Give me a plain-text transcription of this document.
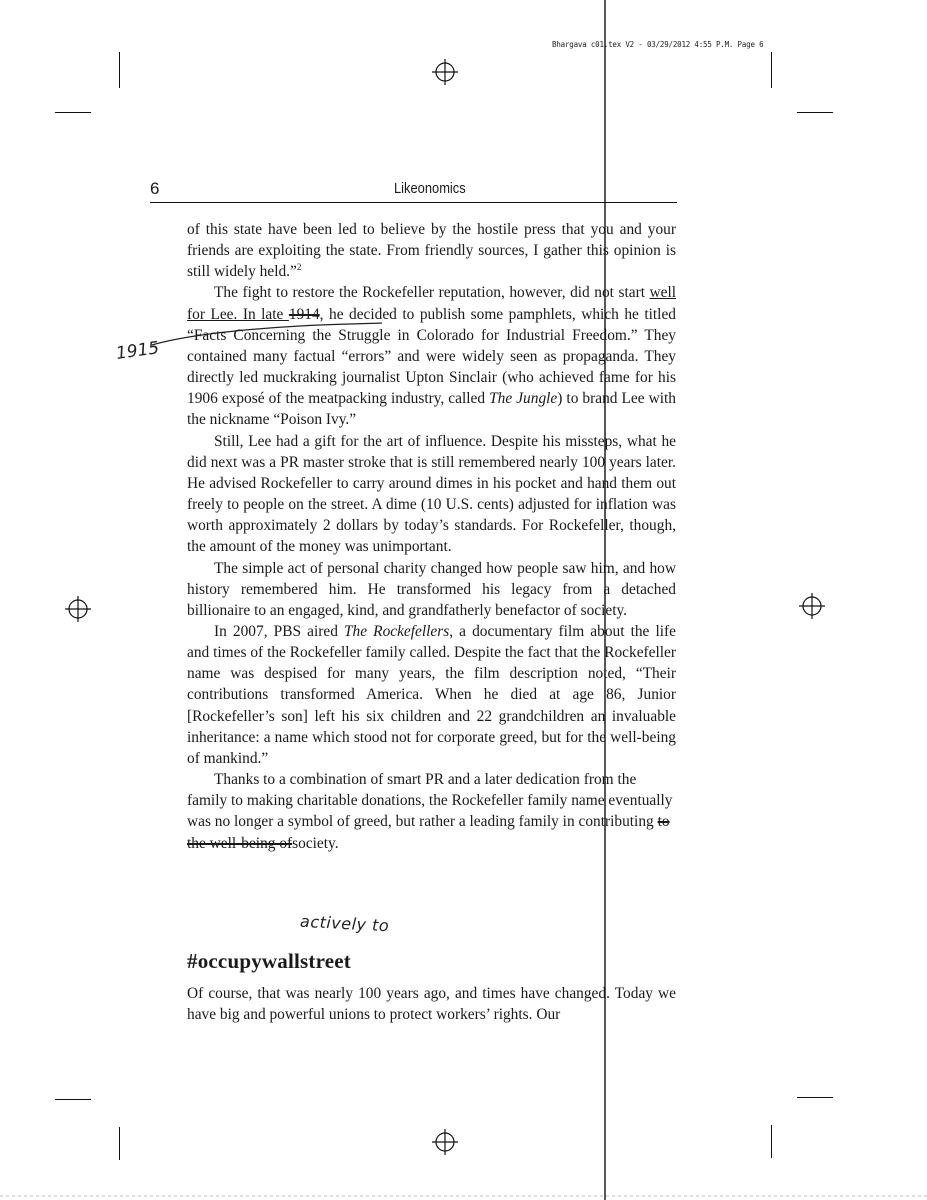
Bhargava c01.tex V2 - 03/29/2012 4:55 P.M. Page 6
6	Likeonomics

of this state have been led to believe by the hostile press that you and your friends are exploiting the state. From friendly sources, I gather this opinion is still widely held.”$^2$

The fight to restore the Rockefeller reputation, however, did not start well for Lee. In late 1914, he decided to publish some pamphlets, which he titled “Facts Concerning the Struggle in Colorado for Industrial Freedom.” They contained many factual “errors” and were widely seen as propaganda. They directly led muckraking journalist Upton Sinclair (who achieved fame for his 1906 exposé of the meatpacking industry, called The Jungle) to brand Lee with the nickname “Poison Ivy.”

Still, Lee had a gift for the art of influence. Despite his missteps, what he did next was a PR master stroke that is still remembered nearly 100 years later. He advised Rockefeller to carry around dimes in his pocket and hand them out freely to people on the street. A dime (10 U.S. cents) adjusted for inflation was worth approximately 2 dollars by today’s standards. For Rockefeller, though, the amount of the money was unimportant.

The simple act of personal charity changed how people saw him, and how history remembered him. He transformed his legacy from a detached billionaire to an engaged, kind, and grandfatherly benefactor of society.

In 2007, PBS aired The Rockefellers, a documentary film about the life and times of the Rockefeller family called. Despite the fact that the Rockefeller name was despised for many years, the film description noted, “Their contributions transformed America. When he died at age 86, Junior [Rockefeller’s son] left his six children and 22 grandchildren an invaluable inheritance: a name which stood not for corporate greed, but for the well-being of mankind.”

Thanks to a combination of smart PR and a later dedication from the family to making charitable donations, the Rockefeller family name eventually was no longer a symbol of greed, but rather a leading family in contributing to the well-being ofsociety.

1915
actively to
#occupywallstreet

Of course, that was nearly 100 years ago, and times have changed. Today we have big and powerful unions to protect workers’ rights. Our
